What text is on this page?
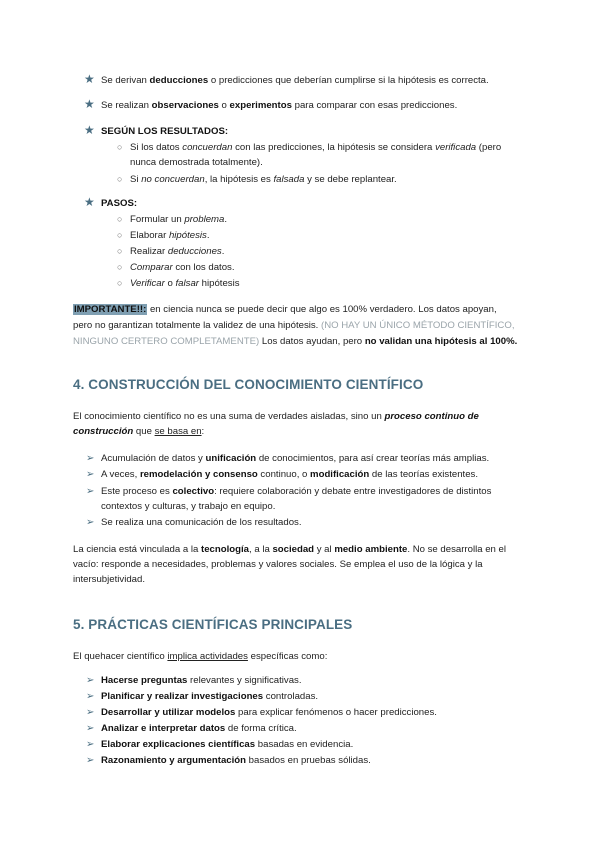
★ Se derivan deducciones o predicciones que deberían cumplirse si la hipótesis es correcta.
★ Se realizan observaciones o experimentos para comparar con esas predicciones.
★ SEGÚN LOS RESULTADOS:
○ Si los datos concuerdan con las predicciones, la hipótesis se considera verificada (pero
nunca demostrada totalmente).
○ Si no concuerdan, la hipótesis es falsada y se debe replantear.
★ PASOS:
○ Formular un problema.
○ Elaborar hipótesis.
○ Realizar deducciones.
○ Comparar con los datos.
○ Verificar o falsar hipótesis
IMPORTANTE!!: en ciencia nunca se puede decir que algo es 100% verdadero. Los datos apoyan,
pero no garantizan totalmente la validez de una hipótesis. (NO HAY UN ÚNICO MÉTODO CIENTÍFICO,
NINGUNO CERTERO COMPLETAMENTE) Los datos ayudan, pero no validan una hipótesis al 100%.
4. CONSTRUCCIÓN DEL CONOCIMIENTO CIENTÍFICO
El conocimiento científico no es una suma de verdades aisladas, sino un proceso continuo de
construcción que se basa en:
➢ Acumulación de datos y unificación de conocimientos, para así crear teorías más amplias.
➢ A veces, remodelación y consenso continuo, o modificación de las teorías existentes.
➢ Este proceso es colectivo: requiere colaboración y debate entre investigadores de distintos
contextos y culturas, y trabajo en equipo.
➢ Se realiza una comunicación de los resultados.
La ciencia está vinculada a la tecnología, a la sociedad y al medio ambiente. No se desarrolla en el
vacío: responde a necesidades, problemas y valores sociales. Se emplea el uso de la lógica y la
intersubjetividad.
5. PRÁCTICAS CIENTÍFICAS PRINCIPALES
El quehacer científico implica actividades específicas como:
➢ Hacerse preguntas relevantes y significativas.
➢ Planificar y realizar investigaciones controladas.
➢ Desarrollar y utilizar modelos para explicar fenómenos o hacer predicciones.
➢ Analizar e interpretar datos de forma crítica.
➢ Elaborar explicaciones científicas basadas en evidencia.
➢ Razonamiento y argumentación basados en pruebas sólidas.
